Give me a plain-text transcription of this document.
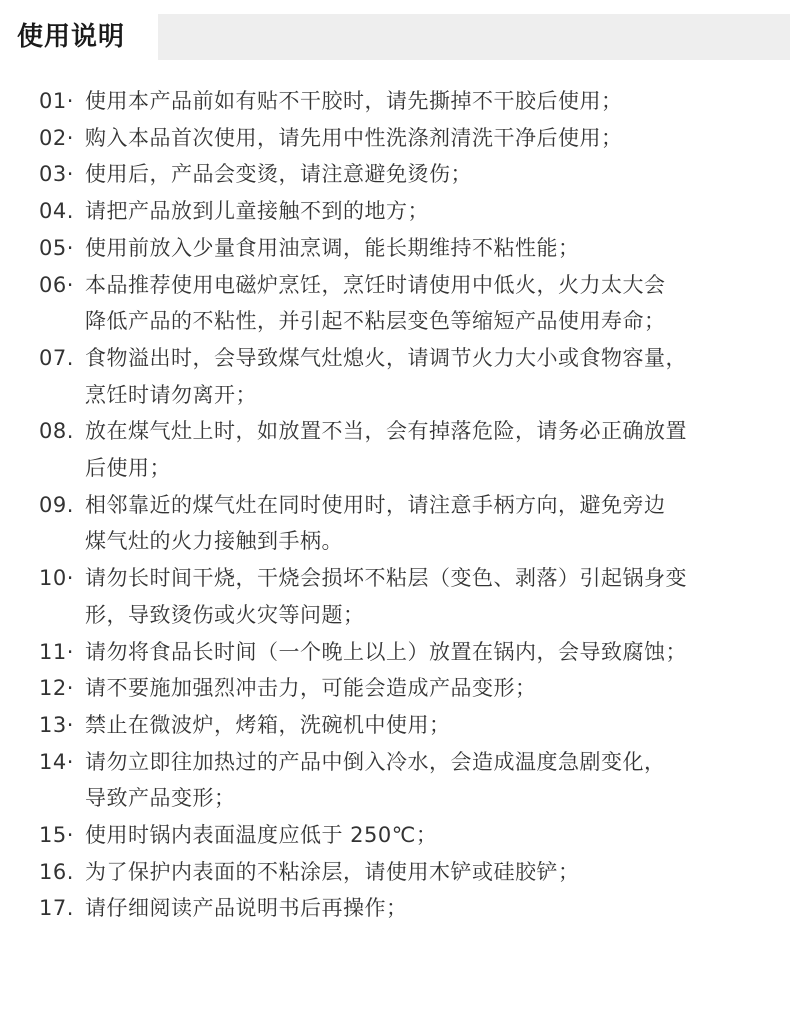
使用说明
01· 使用本产品前如有贴不干胶时，请先撕掉不干胶后使用；
02· 购入本品首次使用，请先用中性洗涤剂清洗干净后使用；
03· 使用后，产品会变烫，请注意避免烫伤；
04. 请把产品放到儿童接触不到的地方；
05· 使用前放入少量食用油烹调，能长期维持不粘性能；
06· 本品推荐使用电磁炉烹饪，烹饪时请使用中低火，火力太大会
降低产品的不粘性，并引起不粘层变色等缩短产品使用寿命；
07. 食物溢出时，会导致煤气灶熄火，请调节火力大小或食物容量，
烹饪时请勿离开；
08. 放在煤气灶上时，如放置不当，会有掉落危险，请务必正确放置
后使用；
09. 相邻靠近的煤气灶在同时使用时，请注意手柄方向，避免旁边
煤气灶的火力接触到手柄。
10· 请勿长时间干烧，干烧会损坏不粘层（变色、剥落）引起锅身变
形，导致烫伤或火灾等问题；
11· 请勿将食品长时间（一个晚上以上）放置在锅内，会导致腐蚀；
12· 请不要施加强烈冲击力，可能会造成产品变形；
13· 禁止在微波炉，烤箱，洗碗机中使用；
14· 请勿立即往加热过的产品中倒入冷水，会造成温度急剧变化，
导致产品变形；
15· 使用时锅内表面温度应低于 250℃；
16. 为了保护内表面的不粘涂层，请使用木铲或硅胶铲；
17. 请仔细阅读产品说明书后再操作；
